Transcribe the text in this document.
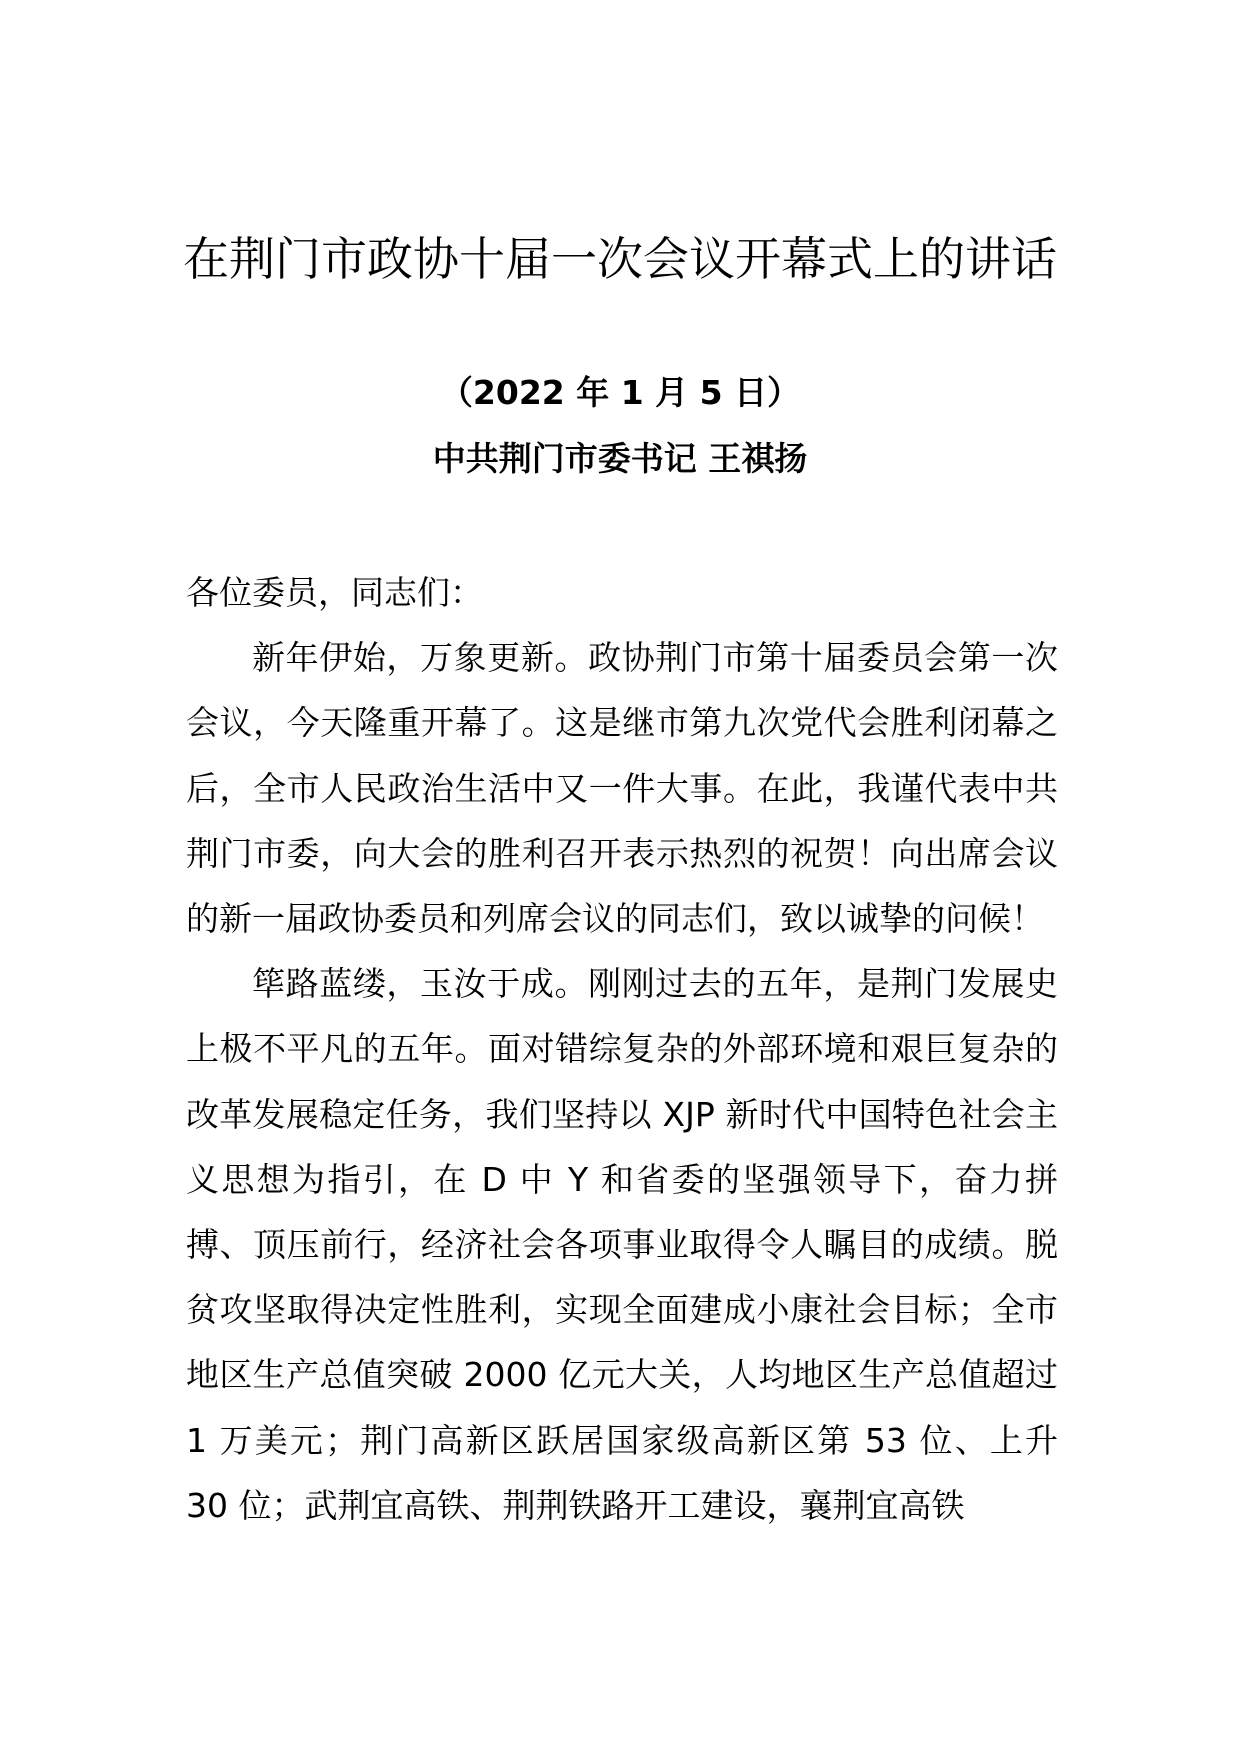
在荆门市政协十届一次会议开幕式上的讲话
（2022 年 1 月 5 日）
中共荆门市委书记 王祺扬

各位委员，同志们：

新年伊始，万象更新。政协荆门市第十届委员会第一次会议，今天隆重开幕了。这是继市第九次党代会胜利闭幕之后，全市人民政治生活中又一件大事。在此，我谨代表中共荆门市委，向大会的胜利召开表示热烈的祝贺！向出席会议的新一届政协委员和列席会议的同志们，致以诚挚的问候！

筚路蓝缕，玉汝于成。刚刚过去的五年，是荆门发展史上极不平凡的五年。面对错综复杂的外部环境和艰巨复杂的改革发展稳定任务，我们坚持以 XJP 新时代中国特色社会主义思想为指引，在 D 中 Y 和省委的坚强领导下，奋力拼搏、顶压前行，经济社会各项事业取得令人瞩目的成绩。脱贫攻坚取得决定性胜利，实现全面建成小康社会目标；全市地区生产总值突破 2000 亿元大关，人均地区生产总值超过 1 万美元；荆门高新区跃居国家级高新区第 53 位、上升 30 位；武荆宜高铁、荆荆铁路开工建设，襄荆宜高铁
